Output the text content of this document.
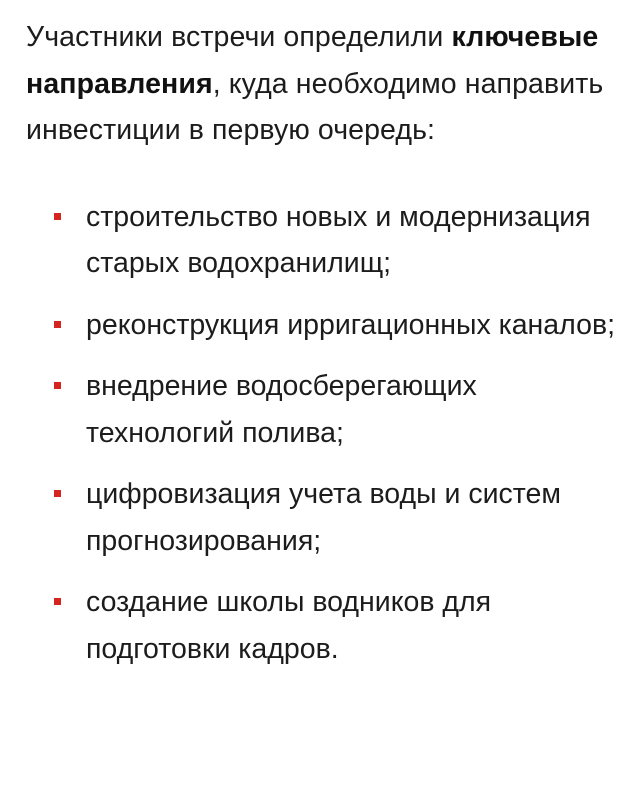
Участники встречи определили ключевые направления, куда необходимо направить инвестиции в первую очередь:

строительство новых и модернизация старых водохранилищ;
реконструкция ирригационных каналов;
внедрение водосберегающих технологий полива;
цифровизация учета воды и систем прогнозирования;
создание школы водников для подготовки кадров.
